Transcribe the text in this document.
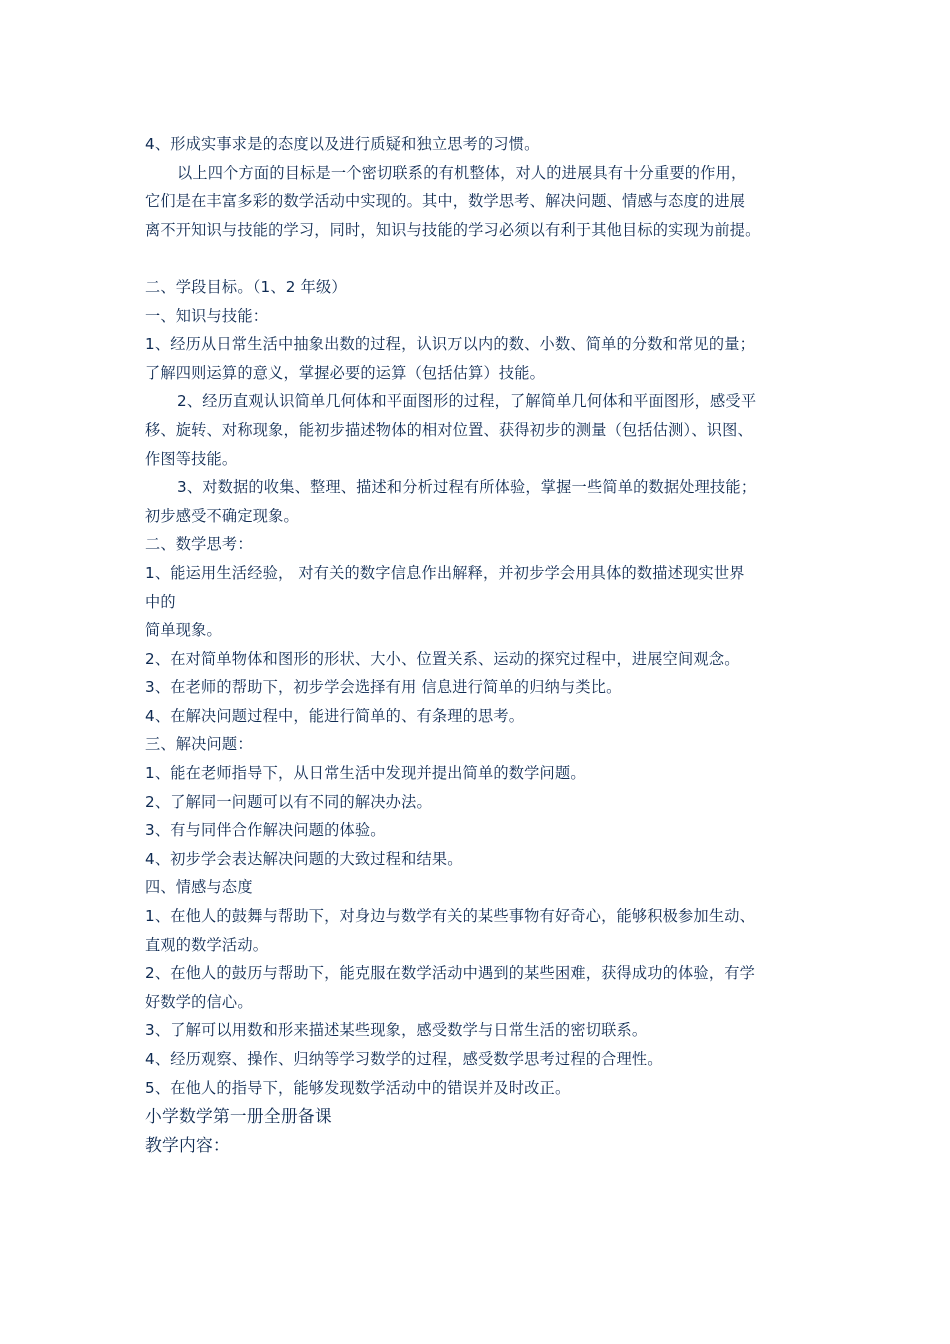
4、形成实事求是的态度以及进行质疑和独立思考的习惯。
以上四个方面的目标是一个密切联系的有机整体，对人的进展具有十分重要的作用，
它们是在丰富多彩的数学活动中实现的。其中，数学思考、解决问题、情感与态度的进展
离不开知识与技能的学习，同时，知识与技能的学习必须以有利于其他目标的实现为前提。
二、学段目标。（1、2 年级）
一、知识与技能：
1、经历从日常生活中抽象出数的过程，认识万以内的数、小数、简单的分数和常见的量；
了解四则运算的意义，掌握必要的运算（包括估算）技能。
2、经历直观认识简单几何体和平面图形的过程，了解简单几何体和平面图形，感受平
移、旋转、对称现象，能初步描述物体的相对位置、获得初步的测量（包括估测）、识图、
作图等技能。
3、对数据的收集、整理、描述和分析过程有所体验，掌握一些简单的数据处理技能；
初步感受不确定现象。
二、数学思考：
1、能运用生活经验， 对有关的数字信息作出解释，并初步学会用具体的数描述现实世界
中的
简单现象。
2、在对简单物体和图形的形状、大小、位置关系、运动的探究过程中，进展空间观念。
3、在老师的帮助下，初步学会选择有用 信息进行简单的归纳与类比。
4、在解决问题过程中，能进行简单的、有条理的思考。
三、解决问题：
1、能在老师指导下，从日常生活中发现并提出简单的数学问题。
2、了解同一问题可以有不同的解决办法。
3、有与同伴合作解决问题的体验。
4、初步学会表达解决问题的大致过程和结果。
四、情感与态度
1、在他人的鼓舞与帮助下，对身边与数学有关的某些事物有好奇心，能够积极参加生动、
直观的数学活动。
2、在他人的鼓历与帮助下，能克服在数学活动中遇到的某些困难，获得成功的体验，有学
好数学的信心。
3、了解可以用数和形来描述某些现象，感受数学与日常生活的密切联系。
4、经历观察、操作、归纳等学习数学的过程，感受数学思考过程的合理性。
5、在他人的指导下，能够发现数学活动中的错误并及时改正。
小学数学第一册全册备课
教学内容：
